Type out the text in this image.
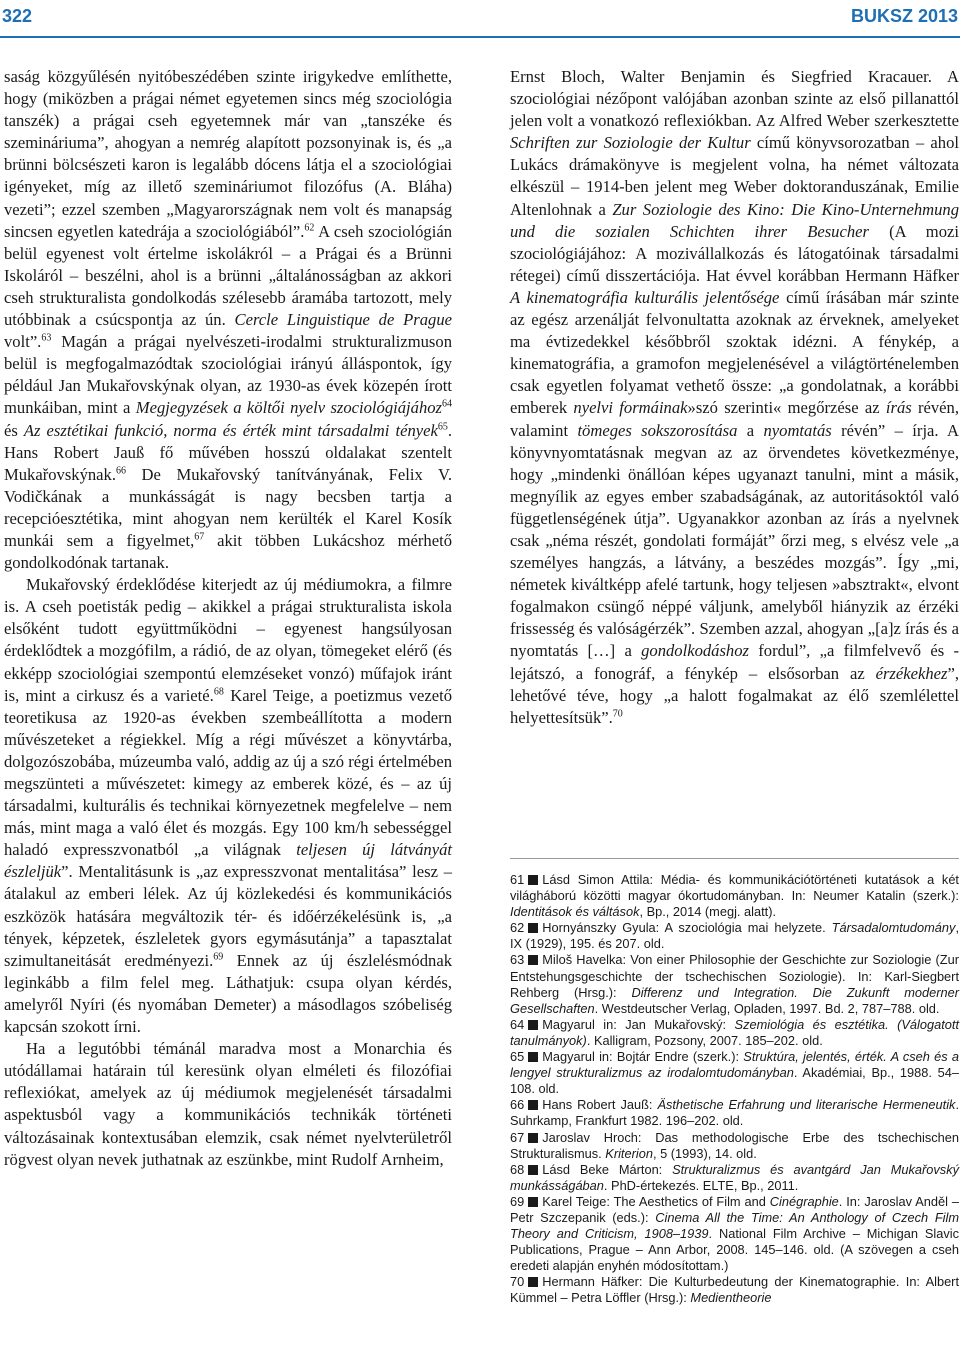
322	BUKSZ 2013

saság közgyűlésén nyitóbeszédében szinte irigykedve említhette, hogy (miközben a prágai német egyetemen sincs még szociológia tanszék) a prágai cseh egyetemnek már van „tanszéke és szemináriuma”, ahogyan a nemrég alapított pozsonyinak is, és „a brünni bölcsészeti karon is legalább dócens látja el a szociológiai igényeket, míg az illető szemináriumot filozófus (A. Bláha) vezeti”; ezzel szemben „Magyarországnak nem volt és manapság sincsen egyetlen katedrája a szociológiából”.$^{62}$ A cseh szociológián belül egyenest volt értelme iskolákról – a Prágai és a Brünni Iskoláról – beszélni, ahol is a brünni „általánosságban az akkori cseh strukturalista gondolkodás szélesebb áramába tartozott, mely utóbbinak a csúcspontja az ún. Cercle Linguistique de Prague volt”.$^{63}$ Magán a prágai nyelvészeti-irodalmi strukturalizmuson belül is megfogalmazódtak szociológiai irányú álláspontok, így például Jan Mukařovskýnak olyan, az 1930-as évek közepén írott munkáiban, mint a Megjegyzések a költői nyelv szociológiájához$^{64}$ és Az esztétikai funkció, norma és érték mint társadalmi tények$^{65}$. Hans Robert Jauß fő művében hosszú oldalakat szentelt Mukařovskýnak.$^{66}$ De Mukařovský tanítványának, Felix V. Vodičkának a munkásságát is nagy becsben tartja a recepcióesztétika, mint ahogyan nem kerülték el Karel Kosík munkái sem a figyelmet,$^{67}$ akit többen Lukácshoz mérhető gondolkodónak tartanak.

Mukařovský érdeklődése kiterjedt az új médiumokra, a filmre is. A cseh poetisták pedig – akikkel a prágai strukturalista iskola elsőként tudott együttműködni – egyenest hangsúlyosan érdeklődtek a mozgófilm, a rádió, de az olyan, tömegeket elérő (és ekképp szociológiai szempontú elemzéseket vonzó) műfajok iránt is, mint a cirkusz és a varieté.$^{68}$ Karel Teige, a poetizmus vezető teoretikusa az 1920-as években szembeállította a modern művészeteket a régiekkel. Míg a régi művészet a könyvtárba, dolgozószobába, múzeumba való, addig az új a szó régi értelmében megszünteti a művészetet: kimegy az emberek közé, és – az új társadalmi, kulturális és technikai környezetnek megfelelve – nem más, mint maga a való élet és mozgás. Egy 100 km/h sebességgel haladó expresszvonatból „a világnak teljesen új látványát észleljük”. Mentalitásunk is „az expresszvonat mentalitása” lesz – átalakul az emberi lélek. Az új közlekedési és kommunikációs eszközök hatására megváltozik tér- és időérzékelésünk is, „a tények, képzetek, észleletek gyors egymásutánja” a tapasztalat szimultaneitását eredményezi.$^{69}$ Ennek az új észlelésmódnak leginkább a film felel meg. Láthatjuk: csupa olyan kérdés, amelyről Nyíri (és nyomában Demeter) a másodlagos szóbeliség kapcsán szokott írni.

Ha a legutóbbi témánál maradva most a Monarchia és utódállamai határain túl keresünk olyan elméleti és filozófiai reflexiókat, amelyek az új médiumok megjelenését társadalmi aspektusból vagy a kommunikációs technikák történeti változásainak kontextusában elemzik, csak német nyelvterületről rögvest olyan nevek juthatnak az eszünkbe, mint Rudolf Arnheim,

Ernst Bloch, Walter Benjamin és Siegfried Kracauer. A szociológiai nézőpont valójában azonban szinte az első pillanattól jelen volt a vonatkozó reflexiókban. Az Alfred Weber szerkesztette Schriften zur Soziologie der Kultur című könyvsorozatban – ahol Lukács drámakönyve is megjelent volna, ha német változata elkészül – 1914-ben jelent meg Weber doktoranduszának, Emilie Altenlohnak a Zur Soziologie des Kino: Die Kino-Unternehmung und die sozialen Schichten ihrer Besucher (A mozi szociológiájához: A mozivállalkozás és látogatóinak társadalmi rétegei) című disszertációja. Hat évvel korábban Hermann Häfker A kinematográfia kulturális jelentősége című írásában már szinte az egész arzenálját felvonultatta azoknak az érveknek, amelyeket ma évtizedekkel későbbről szoktak idézni. A fénykép, a kinematográfia, a gramofon megjelenésével a világtörténelemben csak egyetlen folyamat vethető össze: „a gondolatnak, a korábbi emberek nyelvi formáinak»szó szerinti« megőrzése az írás révén, valamint tömeges sokszorosítása a nyomtatás révén” – írja. A könyvnyomtatásnak megvan az az örvendetes következménye, hogy „mindenki önállóan képes ugyanazt tanulni, mint a másik, megnyílik az egyes ember szabadságának, az autoritásoktól való függetlenségének útja”. Ugyanakkor azonban az írás a nyelvnek csak „néma részét, gondolati formáját” őrzi meg, s elvész vele „a személyes hangzás, a látvány, a beszédes mozgás”. Így „mi, németek kiváltképp afelé tartunk, hogy teljesen »absztrakt«, elvont fogalmakon csüngő néppé váljunk, amelyből hiányzik az érzéki frissesség és valóságérzék”. Szemben azzal, ahogyan „[a]z írás és a nyomtatás […] a gondolkodáshoz fordul”, „a filmfelvevő és -lejátszó, a fonográf, a fénykép – elsősorban az érzékekhez”, lehetővé téve, hogy „a halott fogalmakat az élő szemlélettel helyettesítsük”.$^{70}$

61 Lásd Simon Attila: Média- és kommunikációtörténeti kutatások a két világháború közötti magyar ókortudományban. In: Neumer Katalin (szerk.): Identitások és váltások, Bp., 2014 (megj. alatt).

62 Hornyánszky Gyula: A szociológia mai helyzete. Társadalomtudomány, IX (1929), 195. és 207. old.

63 Miloš Havelka: Von einer Philosophie der Geschichte zur Soziologie (Zur Entstehungsgeschichte der tschechischen Soziologie). In: Karl-Siegbert Rehberg (Hrsg.): Differenz und Integration. Die Zukunft moderner Gesellschaften. Westdeutscher Verlag, Opladen, 1997. Bd. 2, 787–788. old.

64 Magyarul in: Jan Mukařovský: Szemiológia és esztétika. (Válogatott tanulmányok). Kalligram, Pozsony, 2007. 185–202. old.

65 Magyarul in: Bojtár Endre (szerk.): Struktúra, jelentés, érték. A cseh és a lengyel strukturalizmus az irodalomtudományban. Akadémiai, Bp., 1988. 54–108. old.

66 Hans Robert Jauß: Ästhetische Erfahrung und literarische Hermeneutik. Suhrkamp, Frankfurt 1982. 196–202. old.

67 Jaroslav Hroch: Das methodologische Erbe des tschechischen Strukturalismus. Kriterion, 5 (1993), 14. old.

68 Lásd Beke Márton: Strukturalizmus és avantgárd Jan Mukařovský munkásságában. PhD-értekezés. ELTE, Bp., 2011.

69 Karel Teige: The Aesthetics of Film and Cinégraphie. In: Jaroslav Anděl – Petr Szczepanik (eds.): Cinema All the Time: An Anthology of Czech Film Theory and Criticism, 1908–1939. National Film Archive – Michigan Slavic Publications, Prague – Ann Arbor, 2008. 145–146. old. (A szövegen a cseh eredeti alapján enyhén módosítottam.)

70 Hermann Häfker: Die Kulturbedeutung der Kinematographie. In: Albert Kümmel – Petra Löffler (Hrsg.): Medientheorie
